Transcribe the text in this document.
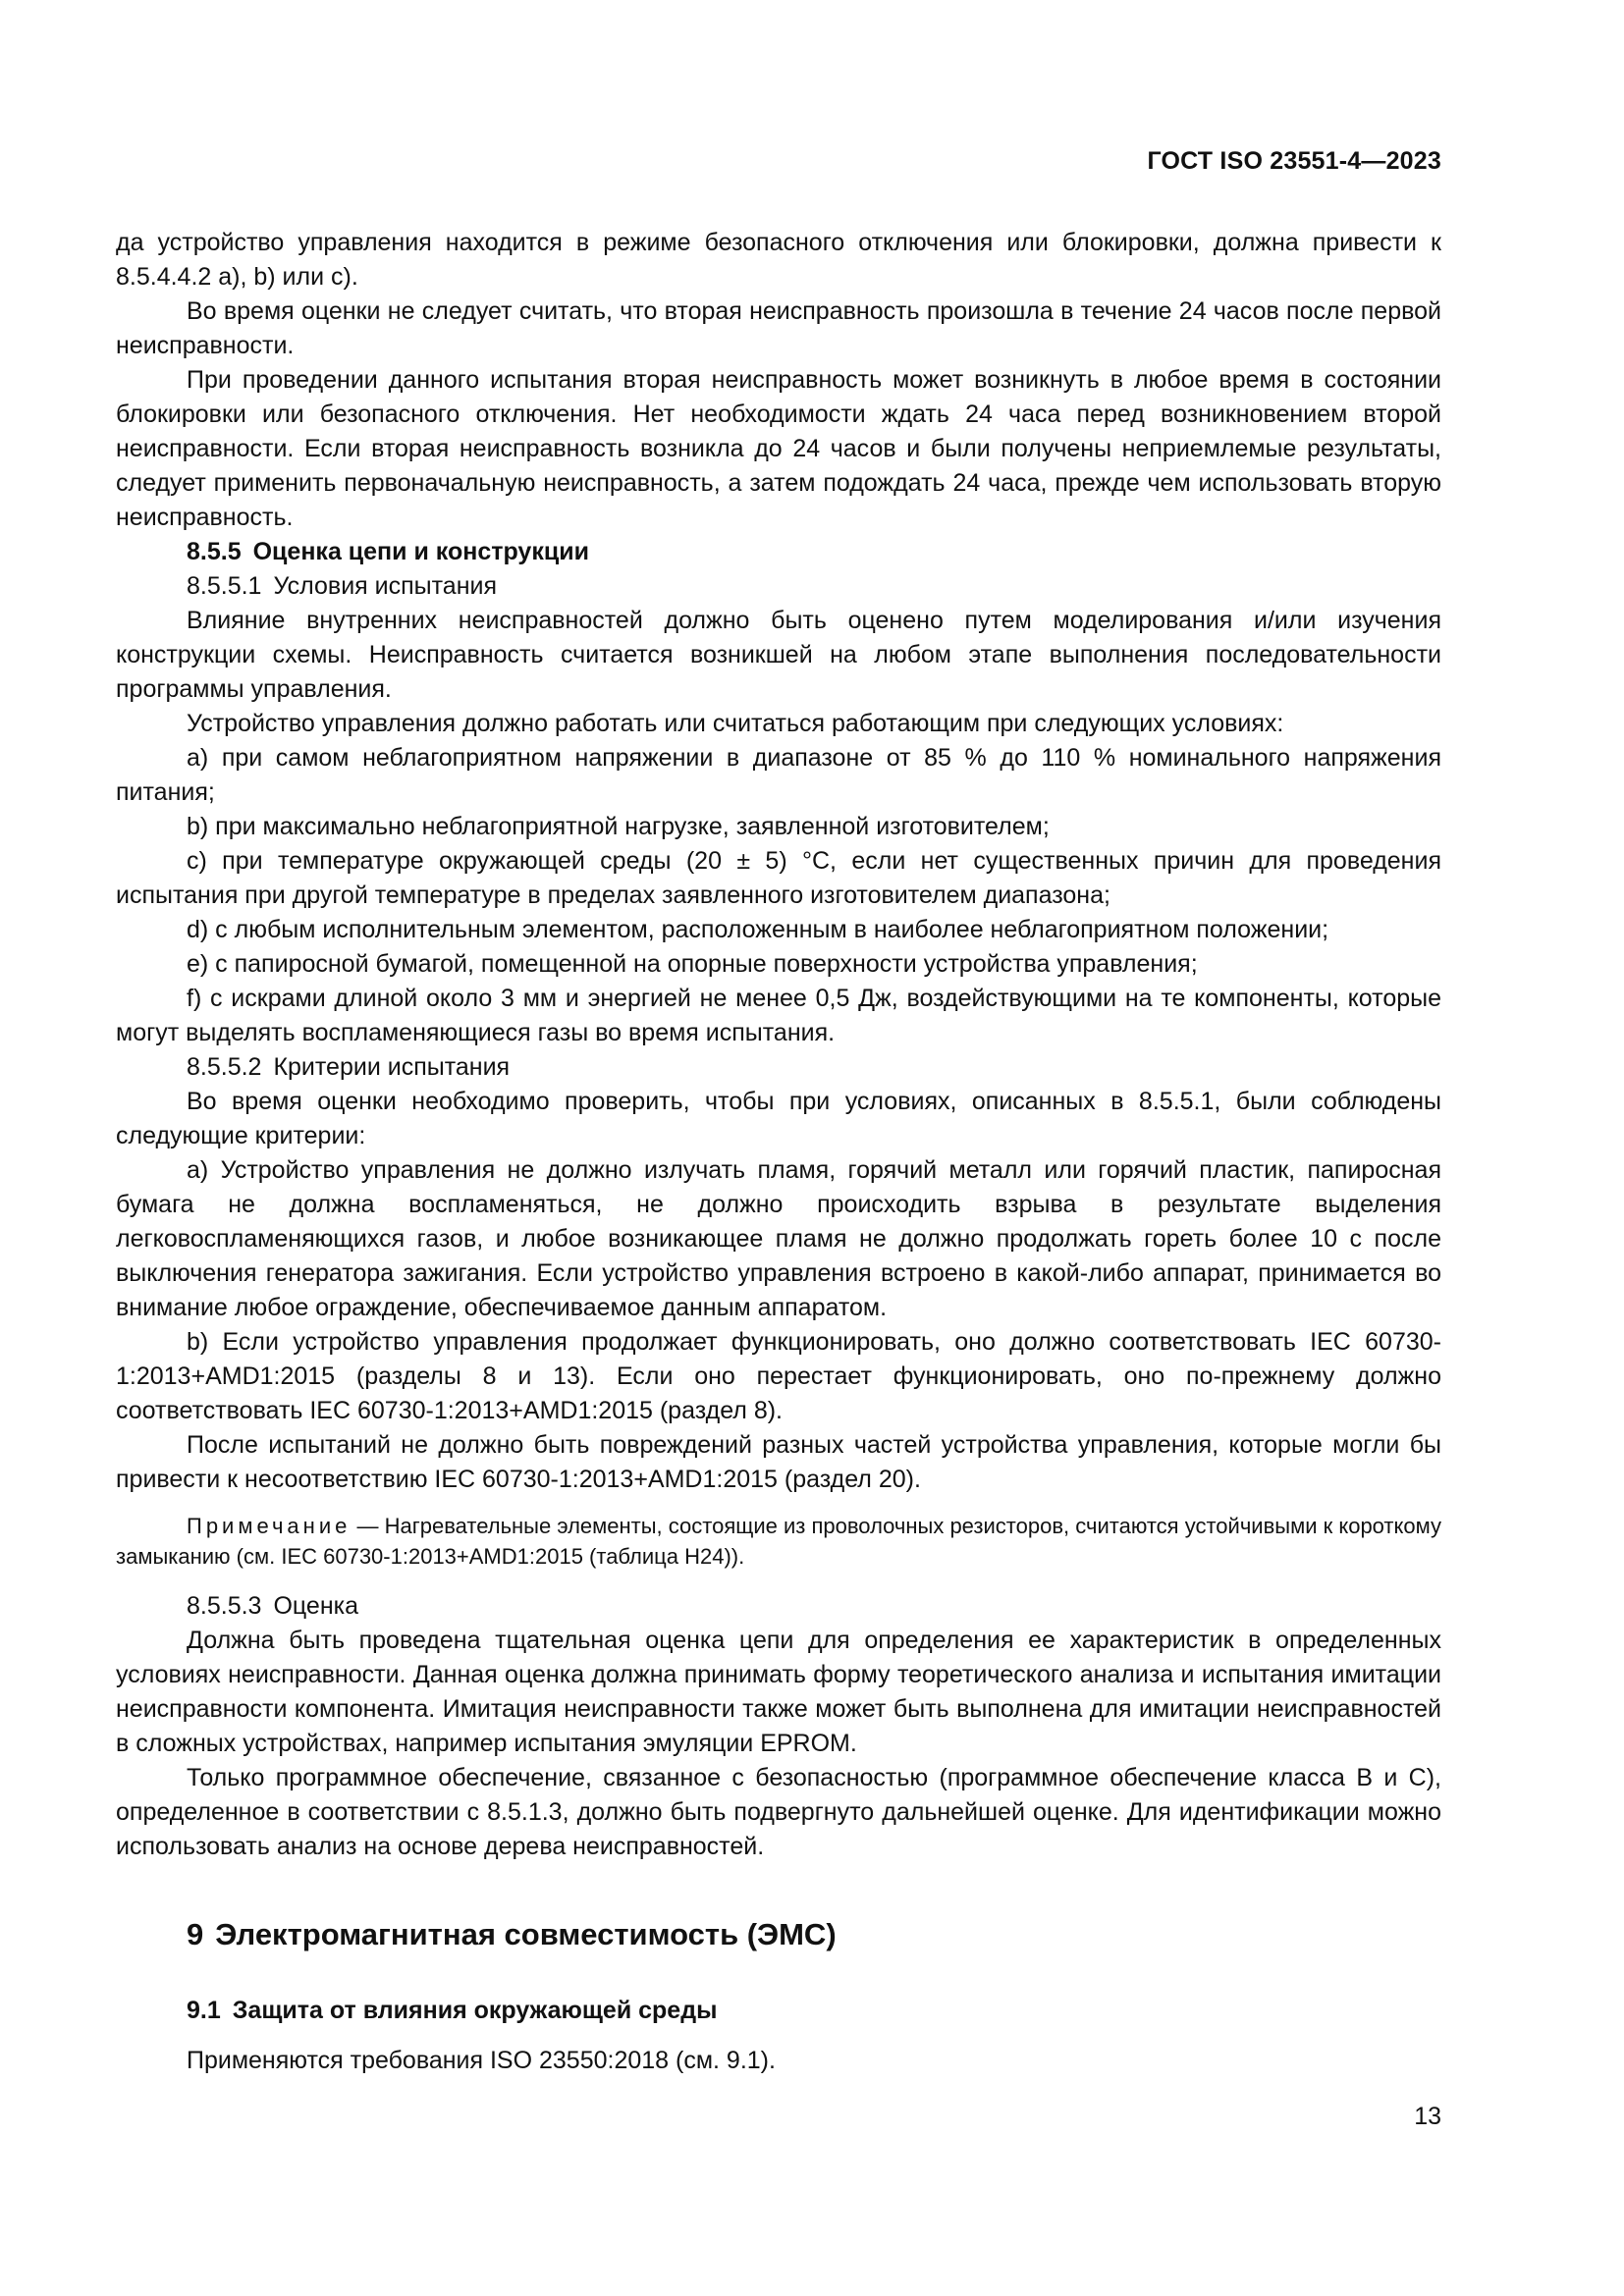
ГОСТ ISO 23551-4—2023

да устройство управления находится в режиме безопасного отключения или блокировки, должна привести к 8.5.4.4.2 a), b) или c).

Во время оценки не следует считать, что вторая неисправность произошла в течение 24 часов после первой неисправности.

При проведении данного испытания вторая неисправность может возникнуть в любое время в состоянии блокировки или безопасного отключения. Нет необходимости ждать 24 часа перед возникновением второй неисправности. Если вторая неисправность возникла до 24 часов и были получены неприемлемые результаты, следует применить первоначальную неисправность, а затем подождать 24 часа, прежде чем использовать вторую неисправность.

8.5.5 Оценка цепи и конструкции

8.5.5.1 Условия испытания

Влияние внутренних неисправностей должно быть оценено путем моделирования и/или изучения конструкции схемы. Неисправность считается возникшей на любом этапе выполнения последовательности программы управления.

Устройство управления должно работать или считаться работающим при следующих условиях:

a) при самом неблагоприятном напряжении в диапазоне от 85 % до 110 % номинального напряжения питания;

b) при максимально неблагоприятной нагрузке, заявленной изготовителем;

c) при температуре окружающей среды (20 ± 5) °С, если нет существенных причин для проведения испытания при другой температуре в пределах заявленного изготовителем диапазона;

d) с любым исполнительным элементом, расположенным в наиболее неблагоприятном положении;

e) с папиросной бумагой, помещенной на опорные поверхности устройства управления;

f) с искрами длиной около 3 мм и энергией не менее 0,5 Дж, воздействующими на те компоненты, которые могут выделять воспламеняющиеся газы во время испытания.

8.5.5.2 Критерии испытания

Во время оценки необходимо проверить, чтобы при условиях, описанных в 8.5.5.1, были соблюдены следующие критерии:

a) Устройство управления не должно излучать пламя, горячий металл или горячий пластик, папиросная бумага не должна воспламеняться, не должно происходить взрыва в результате выделения легковоспламеняющихся газов, и любое возникающее пламя не должно продолжать гореть более 10 с после выключения генератора зажигания. Если устройство управления встроено в какой-либо аппарат, принимается во внимание любое ограждение, обеспечиваемое данным аппаратом.

b) Если устройство управления продолжает функционировать, оно должно соответствовать IEC 60730-1:2013+AMD1:2015 (разделы 8 и 13). Если оно перестает функционировать, оно по-прежнему должно соответствовать IEC 60730-1:2013+AMD1:2015 (раздел 8).

После испытаний не должно быть повреждений разных частей устройства управления, которые могли бы привести к несоответствию IEC 60730-1:2013+AMD1:2015 (раздел 20).

Примечание — Нагревательные элементы, состоящие из проволочных резисторов, считаются устойчивыми к короткому замыканию (см. IEC 60730-1:2013+AMD1:2015 (таблица H24)).

8.5.5.3 Оценка

Должна быть проведена тщательная оценка цепи для определения ее характеристик в определенных условиях неисправности. Данная оценка должна принимать форму теоретического анализа и испытания имитации неисправности компонента. Имитация неисправности также может быть выполнена для имитации неисправностей в сложных устройствах, например испытания эмуляции EPROM.

Только программное обеспечение, связанное с безопасностью (программное обеспечение класса B и C), определенное в соответствии с 8.5.1.3, должно быть подвергнуто дальнейшей оценке. Для идентификации можно использовать анализ на основе дерева неисправностей.

9 Электромагнитная совместимость (ЭМС)

9.1 Защита от влияния окружающей среды

Применяются требования ISO 23550:2018 (см. 9.1).

13
